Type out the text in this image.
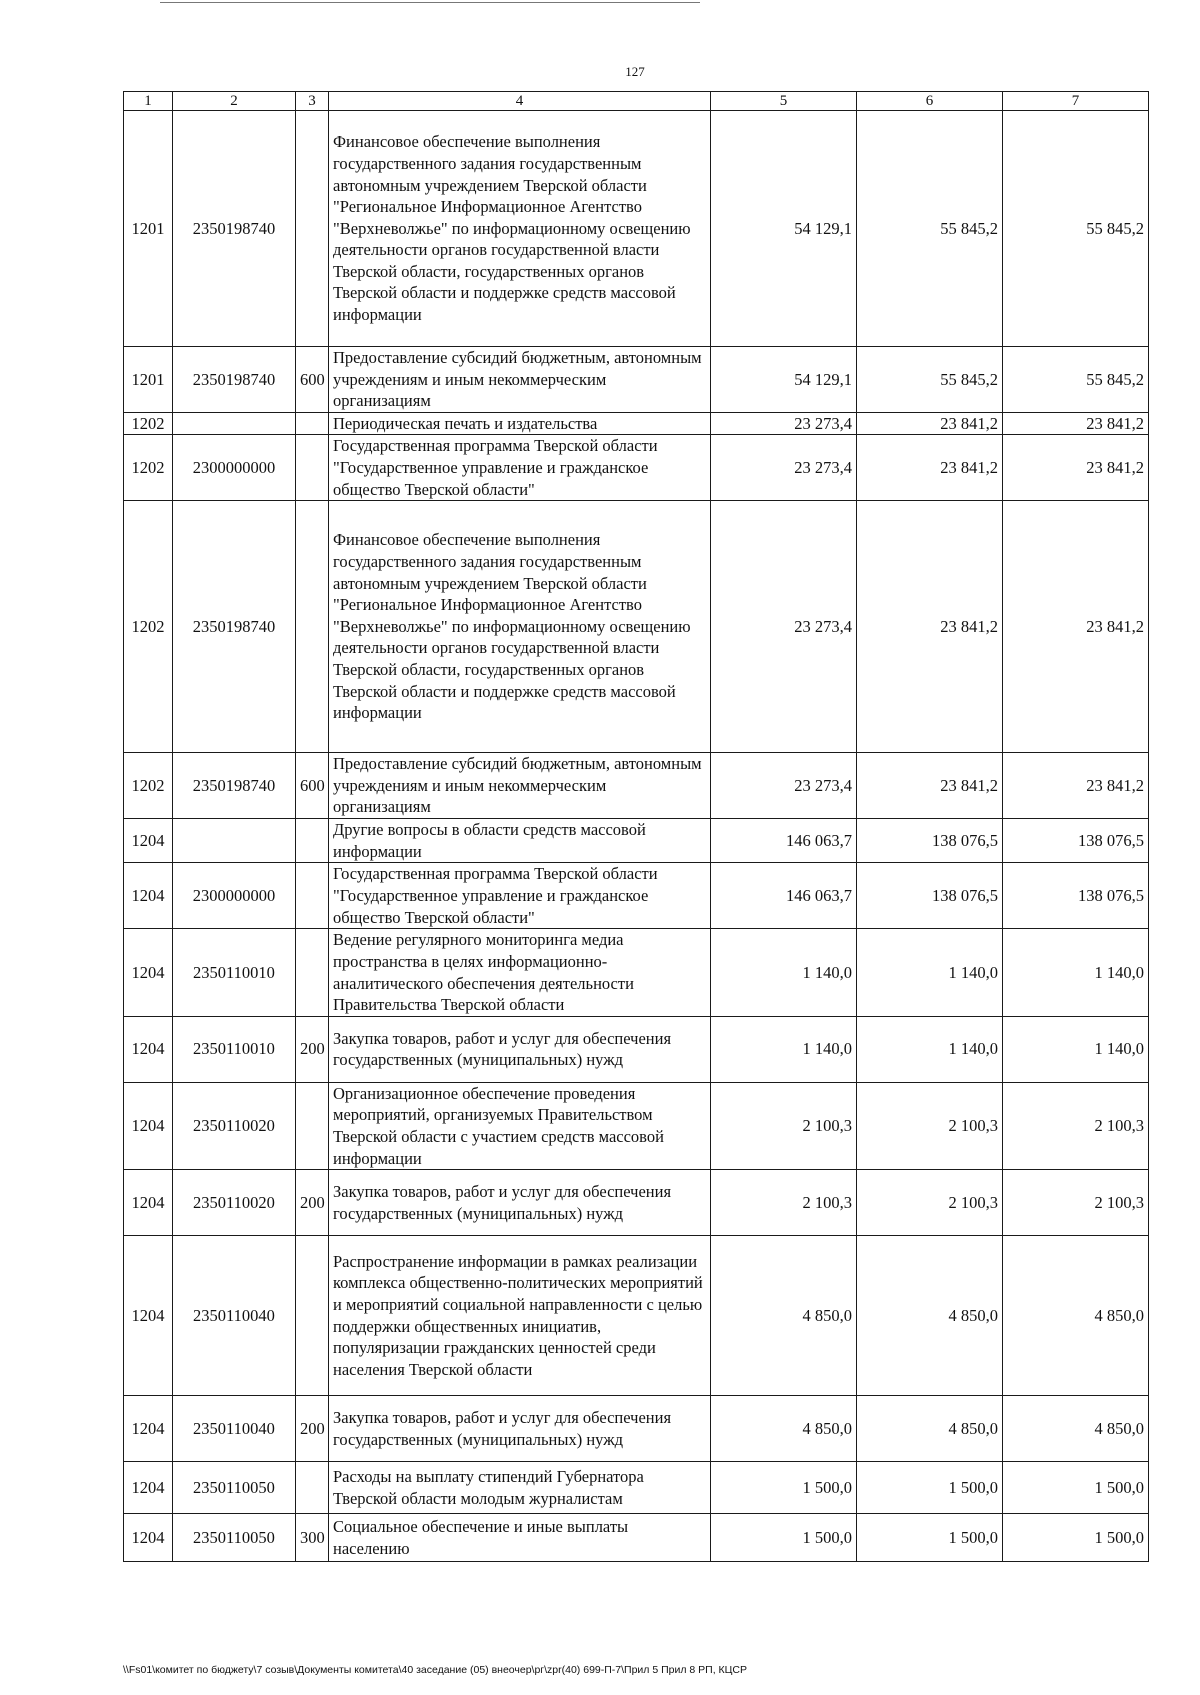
127
1	2	3	4	5	6	7
1201	2350198740		Финансовое обеспечение выполнения государственного задания государственным автономным учреждением Тверской области "Региональное Информационное Агентство "Верхневолжье" по информационному освещению деятельности органов государственной власти Тверской области, государственных органов Тверской области и поддержке средств массовой информации	54 129,1	55 845,2	55 845,2
1201	2350198740	600	Предоставление субсидий бюджетным, автономным учреждениям и иным некоммерческим организациям	54 129,1	55 845,2	55 845,2
1202			Периодическая печать и издательства	23 273,4	23 841,2	23 841,2
1202	2300000000		Государственная программа Тверской области "Государственное управление и гражданское общество Тверской области"	23 273,4	23 841,2	23 841,2
1202	2350198740		Финансовое обеспечение выполнения государственного задания государственным автономным учреждением Тверской области "Региональное Информационное Агентство "Верхневолжье" по информационному освещению деятельности органов государственной власти Тверской области, государственных органов Тверской области и поддержке средств массовой информации	23 273,4	23 841,2	23 841,2
1202	2350198740	600	Предоставление субсидий бюджетным, автономным учреждениям и иным некоммерческим организациям	23 273,4	23 841,2	23 841,2
1204			Другие вопросы в области средств массовой информации	146 063,7	138 076,5	138 076,5
1204	2300000000		Государственная программа Тверской области "Государственное управление и гражданское общество Тверской области"	146 063,7	138 076,5	138 076,5
1204	2350110010		Ведение регулярного мониторинга медиа пространства в целях информационно-аналитического обеспечения деятельности Правительства Тверской области	1 140,0	1 140,0	1 140,0
1204	2350110010	200	Закупка товаров, работ и услуг для обеспечения государственных (муниципальных) нужд	1 140,0	1 140,0	1 140,0
1204	2350110020		Организационное обеспечение проведения мероприятий, организуемых Правительством Тверской области с участием средств массовой информации	2 100,3	2 100,3	2 100,3
1204	2350110020	200	Закупка товаров, работ и услуг для обеспечения государственных (муниципальных) нужд	2 100,3	2 100,3	2 100,3
1204	2350110040		Распространение информации в рамках реализации комплекса общественно-политических мероприятий и мероприятий социальной направленности с целью поддержки общественных инициатив, популяризации гражданских ценностей среди населения Тверской области	4 850,0	4 850,0	4 850,0
1204	2350110040	200	Закупка товаров, работ и услуг для обеспечения государственных (муниципальных) нужд	4 850,0	4 850,0	4 850,0
1204	2350110050		Расходы на выплату стипендий Губернатора Тверской области молодым журналистам	1 500,0	1 500,0	1 500,0
1204	2350110050	300	Социальное обеспечение и иные выплаты населению	1 500,0	1 500,0	1 500,0
\\Fs01\комитет по бюджету\7 созыв\Документы комитета\40 заседание (05) внеочер\рг\zpr(40) 699-П-7\Прил 5 Прил 8 РП, КЦСР
